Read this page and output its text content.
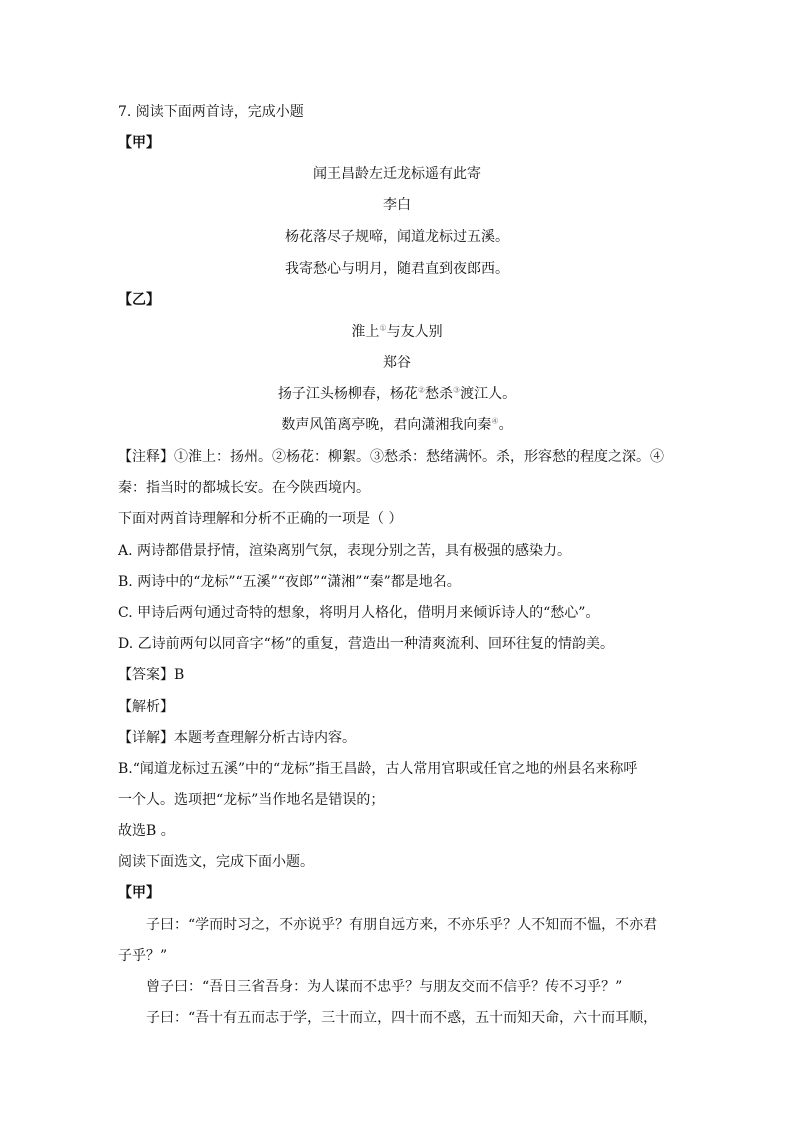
7. 阅读下面两首诗，完成小题
【甲】
闻王昌龄左迁龙标遥有此寄
李白
杨花落尽子规啼，闻道龙标过五溪。
我寄愁心与明月，随君直到夜郎西。
【乙】
淮上①与友人别
郑谷
扬子江头杨柳春，杨花②愁杀③渡江人。
数声风笛离亭晚，君向潇湘我向秦④。
【注释】①淮上：扬州。②杨花：柳絮。③愁杀：愁绪满怀。杀，形容愁的程度之深。④
秦：指当时的都城长安。在今陕西境内。
下面对两首诗理解和分析不正确的一项是（ ）
A. 两诗都借景抒情，渲染离别气氛，表现分别之苦，具有极强的感染力。
B. 两诗中的“龙标”“五溪”“夜郎”“潇湘”“秦”都是地名。
C. 甲诗后两句通过奇特的想象，将明月人格化，借明月来倾诉诗人的“愁心”。
D. 乙诗前两句以同音字“杨”的重复，营造出一种清爽流利、回环往复的情韵美。
【答案】B
【解析】
【详解】本题考查理解分析古诗内容。
B.“闻道龙标过五溪”中的“龙标”指王昌龄，古人常用官职或任官之地的州县名来称呼
一个人。选项把“龙标”当作地名是错误的；
故选B 。
阅读下面选文，完成下面小题。
【甲】
子曰：“学而时习之，不亦说乎？有朋自远方来，不亦乐乎？人不知而不愠，不亦君
子乎？”
曾子曰：“吾日三省吾身：为人谋而不忠乎？与朋友交而不信乎？传不习乎？”
子曰：“吾十有五而志于学，三十而立，四十而不惑，五十而知天命，六十而耳顺，
